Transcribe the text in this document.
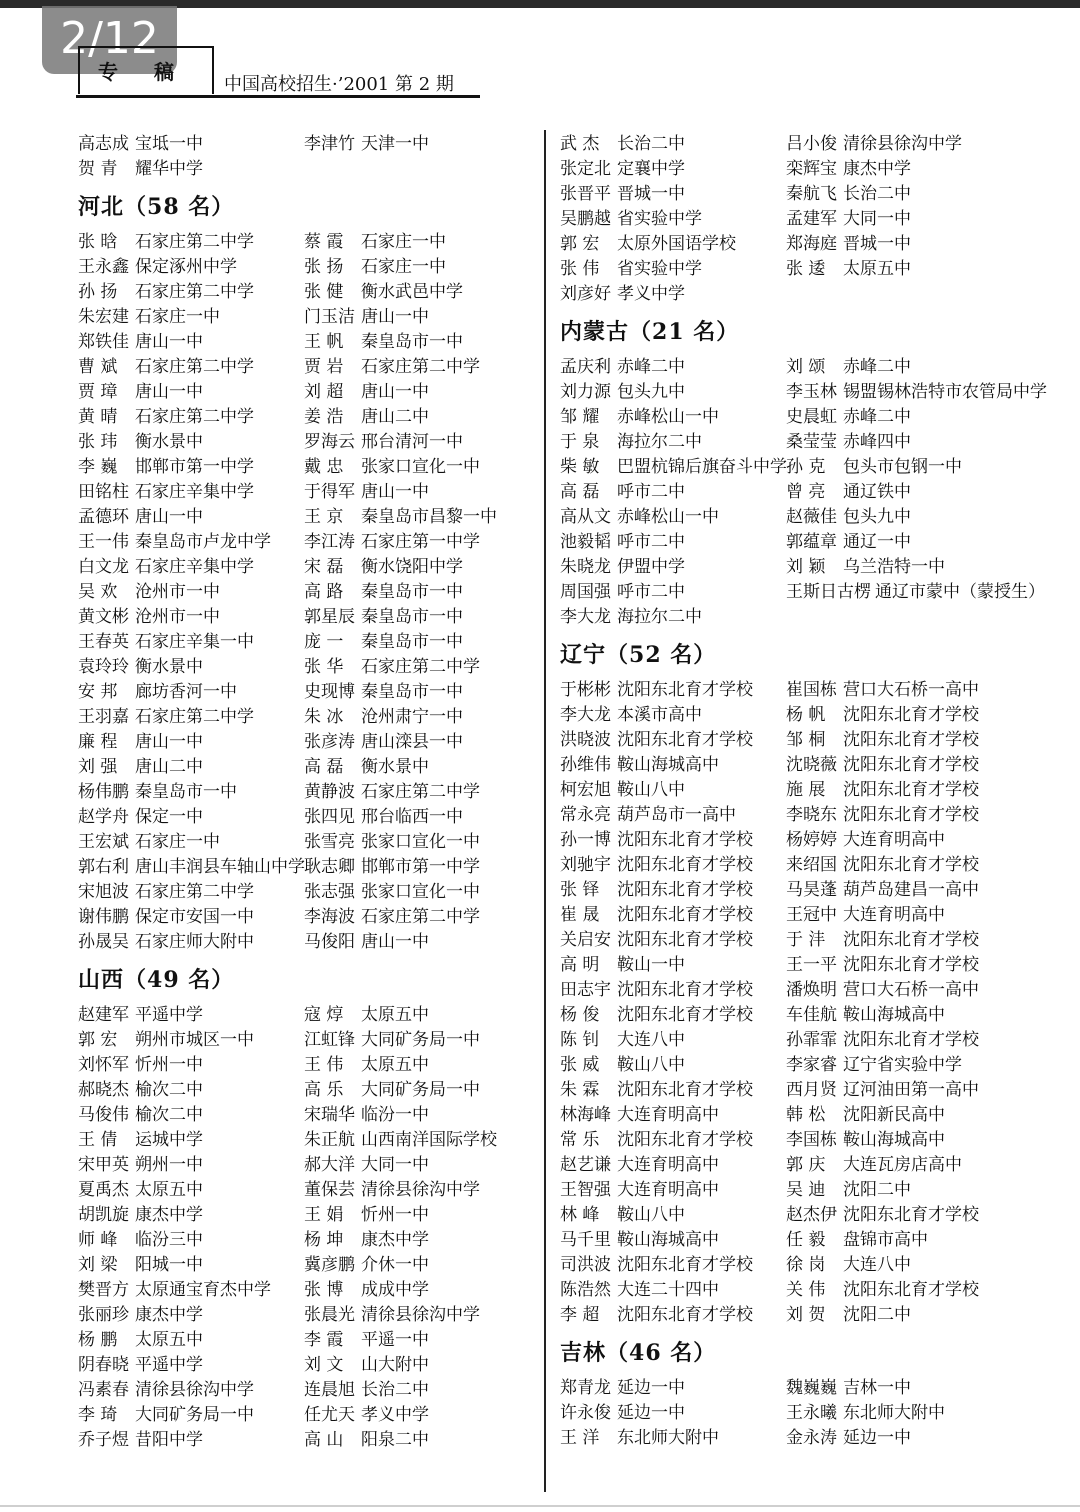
2/12
专稿
中国高校招生·’2001 第 2 期
高志成 宝坻一中	李津竹 天津一中
贺 青 耀华中学
河北（58 名）
张 晗 石家庄第二中学	蔡 霞 石家庄一中
王永鑫 保定涿州中学	张 扬 石家庄一中
孙 扬 石家庄第二中学	张 健 衡水武邑中学
朱宏建 石家庄一中	门玉洁 唐山一中
郑铁佳 唐山一中	王 帆 秦皇岛市一中
曹 斌 石家庄第二中学	贾 岩 石家庄第二中学
贾 璋 唐山一中	刘 超 唐山一中
黄 晴 石家庄第二中学	姜 浩 唐山二中
张 玮 衡水景中	罗海云 邢台清河一中
李 巍 邯郸市第一中学	戴 忠 张家口宣化一中
田铭柱 石家庄辛集中学	于得军 唐山一中
孟德环 唐山一中	王 京 秦皇岛市昌黎一中
王一伟 秦皇岛市卢龙中学 李江涛 石家庄第一中学
白文龙 石家庄辛集中学	宋 磊 衡水饶阳中学
吴 欢 沧州市一中	高 路 秦皇岛市一中
黄文彬 沧州市一中	郭星辰 秦皇岛市一中
王春英 石家庄辛集一中	庞 一 秦皇岛市一中
袁玲玲 衡水景中	张 华 石家庄第二中学
安 邦 廊坊香河一中	史现博 秦皇岛市一中
王羽嘉 石家庄第二中学	朱 冰 沧州肃宁一中
廉 程 唐山一中	张彦涛 唐山滦县一中
刘 强 唐山二中	高 磊 衡水景中
杨伟鹏 秦皇岛市一中	黄静波 石家庄第二中学
赵学舟 保定一中	张四见 邢台临西一中
王宏斌 石家庄一中	张雪亮 张家口宣化一中
郭右利 唐山丰润县车轴山中学 耿志卿 邯郸市第一中学
宋旭波 石家庄第二中学	张志强 张家口宣化一中
谢伟鹏 保定市安国一中	李海波 石家庄第二中学
孙晟吴 石家庄师大附中	马俊阳 唐山一中
山西（49 名）
赵建军 平遥中学	寇 焞 太原五中
郭 宏 朔州市城区一中	江虹锋 大同矿务局一中
刘怀军 忻州一中	王 伟 太原五中
郝晓杰 榆次二中	高 乐 大同矿务局一中
马俊伟 榆次二中	宋瑞华 临汾一中
王 倩 运城中学	朱正航 山西南洋国际学校
宋甲英 朔州一中	郝大洋 大同一中
夏禹杰 太原五中	董保芸 清徐县徐沟中学
胡凯旋 康杰中学	王 娟 忻州一中
师 峰 临汾三中	杨 坤 康杰中学
刘 梁 阳城一中	冀彦鹏 介休一中
樊晋方 太原通宝育杰中学 张 博 成成中学
张丽珍 康杰中学	张晨光 清徐县徐沟中学
杨 鹏 太原五中	李 霞 平遥一中
阴春晓 平遥中学	刘 文 山大附中
冯素春 清徐县徐沟中学	连晨旭 长治二中
李 琦 大同矿务局一中	任尤天 孝义中学
乔子煜 昔阳中学	高 山 阳泉二中
武 杰 长治二中	吕小俊 清徐县徐沟中学
张定北 定襄中学	栾辉宝 康杰中学
张晋平 晋城一中	秦航飞 长治二中
吴鹏越 省实验中学	孟建军 大同一中
郭 宏 太原外国语学校	郑海庭 晋城一中
张 伟 省实验中学	张 逶 太原五中
刘彦好 孝义中学
内蒙古（21 名）
孟庆利 赤峰二中	刘 颂 赤峰二中
刘力源 包头九中	李玉林 锡盟锡林浩特市农管局中学
邹 耀 赤峰松山一中	史晨虹 赤峰二中
于 泉 海拉尔二中	桑莹莹 赤峰四中
柴 敏 巴盟杭锦后旗奋斗中学 孙 克 包头市包钢一中
高 磊 呼市二中	曾 亮 通辽铁中
高从文 赤峰松山一中	赵薇佳 包头九中
池毅韬 呼市二中	郭蕴章 通辽一中
朱晓龙 伊盟中学	刘 颖 乌兰浩特一中
周国强 呼市二中	王斯日古楞 通辽市蒙中（蒙授生）
李大龙 海拉尔二中
辽宁（52 名）
于彬彬 沈阳东北育才学校 崔国栋 营口大石桥一高中
李大龙 本溪市高中	杨 帆 沈阳东北育才学校
洪晓波 沈阳东北育才学校 邹 桐 沈阳东北育才学校
孙维伟 鞍山海城高中	沈晓薇 沈阳东北育才学校
柯宏旭 鞍山八中	施 展 沈阳东北育才学校
常永亮 葫芦岛市一高中	李晓东 沈阳东北育才学校
孙一博 沈阳东北育才学校 杨婷婷 大连育明高中
刘驰宇 沈阳东北育才学校 来绍国 沈阳东北育才学校
张 铎 沈阳东北育才学校 马昊蓬 葫芦岛建昌一高中
崔 晟 沈阳东北育才学校 王冠中 大连育明高中
关启安 沈阳东北育才学校 于 沣 沈阳东北育才学校
高 明 鞍山一中	王一平 沈阳东北育才学校
田志宇 沈阳东北育才学校 潘焕明 营口大石桥一高中
杨 俊 沈阳东北育才学校 车佳航 鞍山海城高中
陈 钊 大连八中	孙霏霏 沈阳东北育才学校
张 威 鞍山八中	李家睿 辽宁省实验中学
朱 霖 沈阳东北育才学校 西月贤 辽河油田第一高中
林海峰 大连育明高中	韩 松 沈阳新民高中
常 乐 沈阳东北育才学校 李国栋 鞍山海城高中
赵艺谦 大连育明高中	郭 庆 大连瓦房店高中
王智强 大连育明高中	吴 迪 沈阳二中
林 峰 鞍山八中	赵杰伊 沈阳东北育才学校
马千里 鞍山海城高中	任 毅 盘锦市高中
司洪波 沈阳东北育才学校 徐 岗 大连八中
陈浩然 大连二十四中	关 伟 沈阳东北育才学校
李 超 沈阳东北育才学校 刘 贺 沈阳二中
吉林（46 名）
郑青龙 延边一中	魏巍巍 吉林一中
许永俊 延边一中	王永曦 东北师大附中
王 洋 东北师大附中	金永涛 延边一中
